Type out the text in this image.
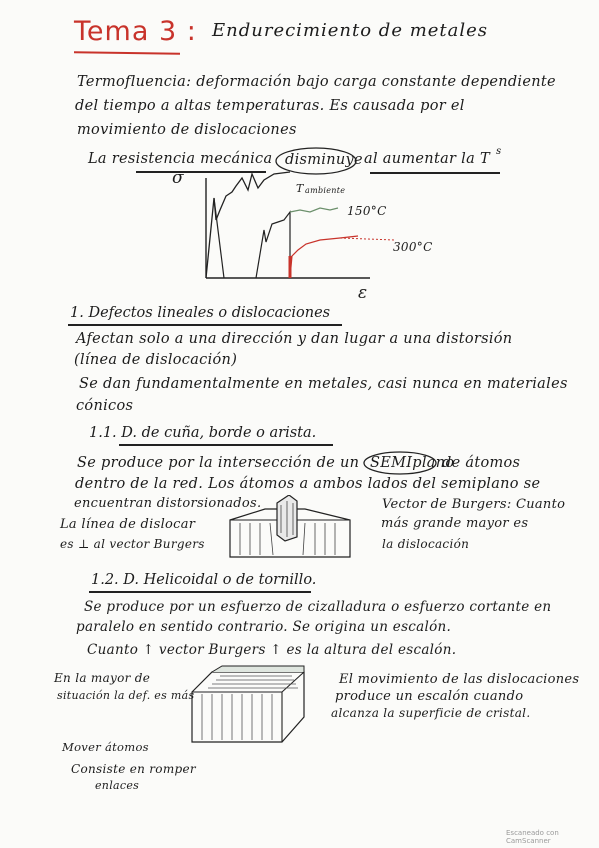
Tema 3 : Endurecimiento de metales
Termofluencia: deformación bajo carga constante dependiente
del tiempo a altas temperaturas. Es causada por el
movimiento de dislocaciones
La resistencia mecánica disminuye al aumentar la T s
σ
ε
T ambiente
150°C
300°C
1. Defectos lineales o dislocaciones
Afectan solo a una dirección y dan lugar a una distorsión
(línea de dislocación)
Se dan fundamentalmente en metales, casi nunca en materiales
cónicos
1.1. D. de cuña, borde o arista.
Se produce por la intersección de un SEMIplano
de átomos
dentro de la red. Los átomos a ambos lados del semiplano se
encuentran distorsionados.
La línea de dislocar
es ⊥ al vector Burgers
Vector de Burgers: Cuanto
más grande mayor es
la dislocación
1.2. D. Helicoidal o de tornillo.
Se produce por un esfuerzo de cizalladura o esfuerzo cortante en
paralelo en sentido contrario. Se origina un escalón.
Cuanto ↑ vector Burgers ↑ es la altura del escalón.
En la mayor de
situación la def. es más
El movimiento de las dislocaciones
produce un escalón cuando
alcanza la superficie de cristal.
Mover átomos
Consiste en romper
enlaces
Escaneado con CamScanner
